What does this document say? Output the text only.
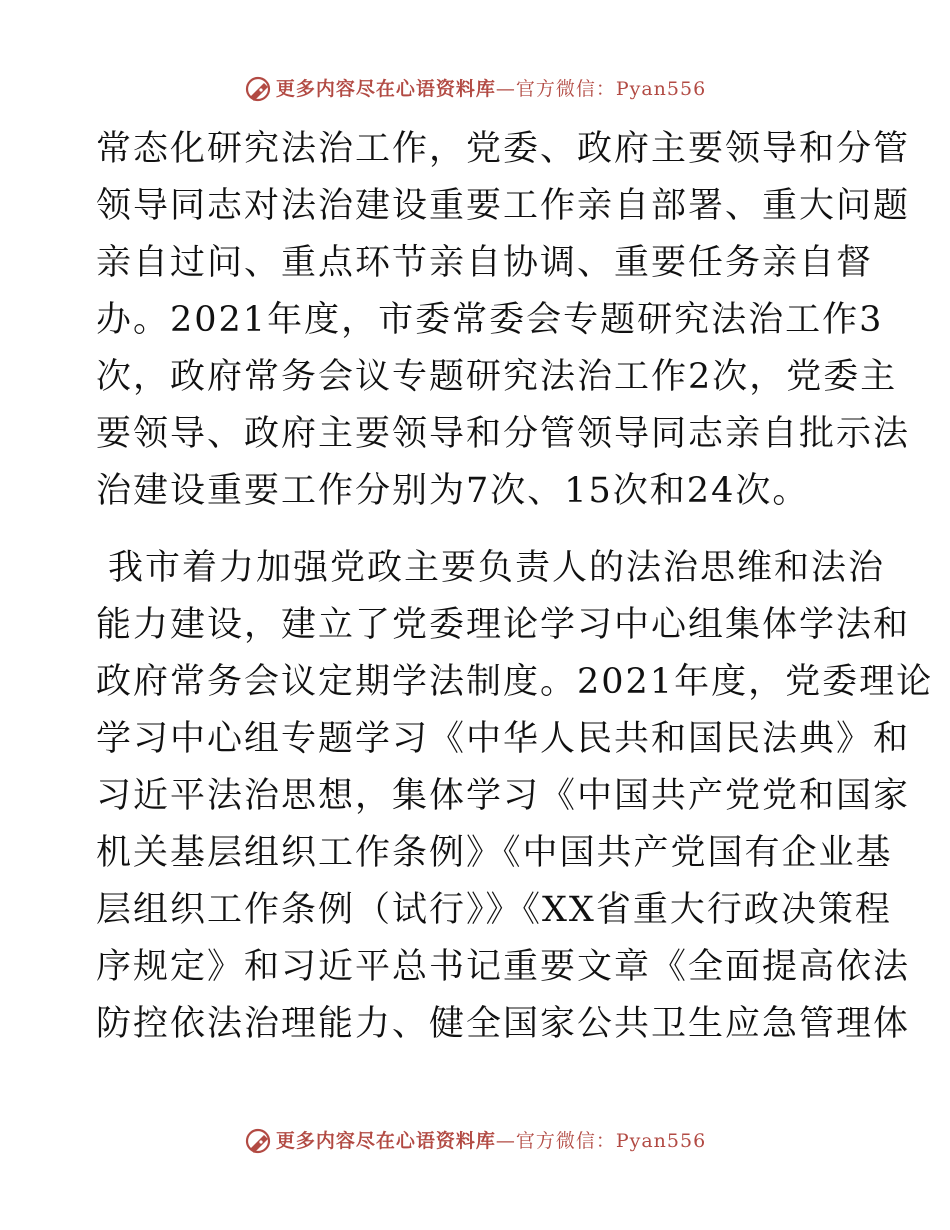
更多内容尽在心语资料库—官方微信：Pyan556
常态化研究法治工作，党委、政府主要领导和分管
领导同志对法治建设重要工作亲自部署、重大问题
亲自过问、重点环节亲自协调、重要任务亲自督
办。2021年度，市委常委会专题研究法治工作3
次，政府常务会议专题研究法治工作2次，党委主
要领导、政府主要领导和分管领导同志亲自批示法
治建设重要工作分别为7次、15次和24次。
我市着力加强党政主要负责人的法治思维和法治
能力建设，建立了党委理论学习中心组集体学法和
政府常务会议定期学法制度。2021年度，党委理论
学习中心组专题学习《中华人民共和国民法典》和
习近平法治思想，集体学习《中国共产党党和国家
机关基层组织工作条例》《中国共产党国有企业基
层组织工作条例（试行》》《XX省重大行政决策程
序规定》和习近平总书记重要文章《全面提高依法
防控依法治理能力、健全国家公共卫生应急管理体
更多内容尽在心语资料库—官方微信：Pyan556
